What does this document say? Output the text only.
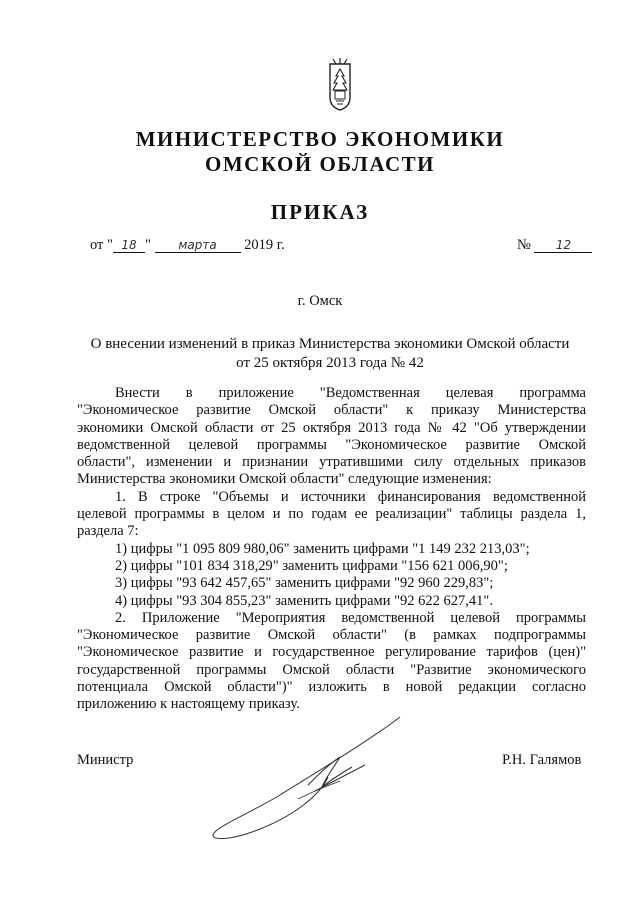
МИНИСТЕРСТВО ЭКОНОМИКИ
ОМСКОЙ ОБЛАСТИ
ПРИКАЗ
от " 18 " марта 2019 г.	№ 12
г. Омск
О внесении изменений в приказ Министерства экономики Омской области
от 25 октября 2013 года № 42

Внести в приложение "Ведомственная целевая программа

"Экономическое развитие Омской области" к приказу Министерства

экономики Омской области от 25 октября 2013 года № 42 "Об утверждении

ведомственной целевой программы "Экономическое развитие Омской

области", изменении и признании утратившими силу отдельных приказов

Министерства экономики Омской области" следующие изменения:

1. В строке "Объемы и источники финансирования ведомственной

целевой программы в целом и по годам ее реализации" таблицы раздела 1,

раздела 7:

1) цифры "1 095 809 980,06" заменить цифрами "1 149 232 213,03";

2) цифры "101 834 318,29" заменить цифрами "156 621 006,90";

3) цифры "93 642 457,65" заменить цифрами "92 960 229,83";

4) цифры "93 304 855,23" заменить цифрами "92 622 627,41".

2. Приложение "Мероприятия ведомственной целевой программы

"Экономическое развитие Омской области" (в рамках подпрограммы

"Экономическое развитие и государственное регулирование тарифов (цен)"

государственной программы Омской области "Развитие экономического

потенциала Омской области")" изложить в новой редакции согласно

приложению к настоящему приказу.

Министр	Р.Н. Галямов
